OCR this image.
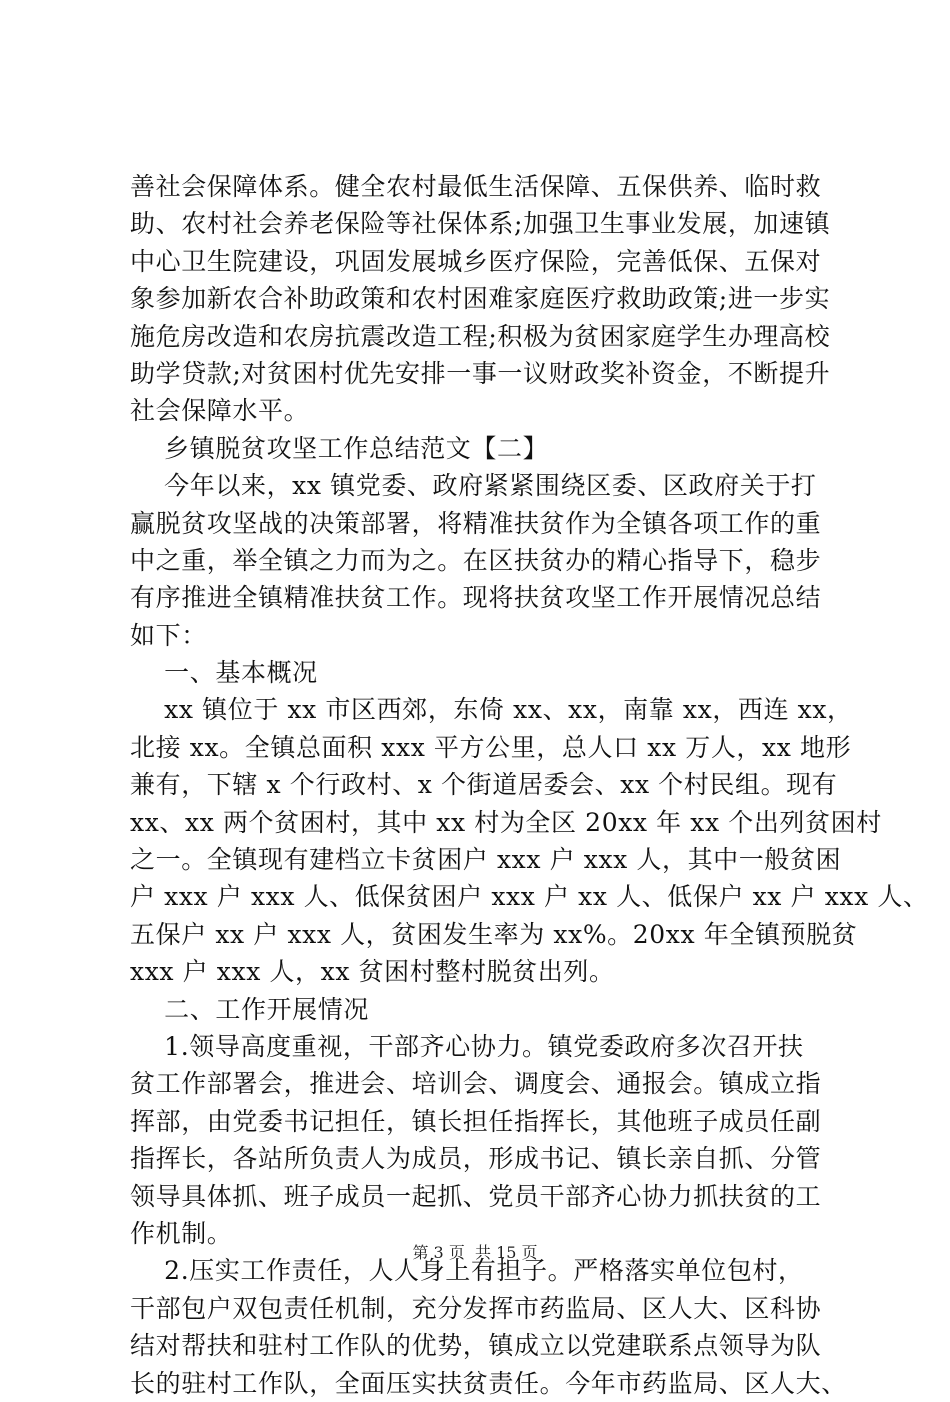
善社会保障体系。健全农村最低生活保障、五保供养、临时救
助、农村社会养老保险等社保体系;加强卫生事业发展，加速镇
中心卫生院建设，巩固发展城乡医疗保险，完善低保、五保对
象参加新农合补助政策和农村困难家庭医疗救助政策;进一步实
施危房改造和农房抗震改造工程;积极为贫困家庭学生办理高校
助学贷款;对贫困村优先安排一事一议财政奖补资金，不断提升
社会保障水平。
乡镇脱贫攻坚工作总结范文【二】
今年以来，xx 镇党委、政府紧紧围绕区委、区政府关于打
赢脱贫攻坚战的决策部署，将精准扶贫作为全镇各项工作的重
中之重，举全镇之力而为之。在区扶贫办的精心指导下，稳步
有序推进全镇精准扶贫工作。现将扶贫攻坚工作开展情况总结
如下：
一、基本概况
xx 镇位于 xx 市区西郊，东倚 xx、xx，南靠 xx，西连 xx，
北接 xx。全镇总面积 xxx 平方公里，总人口 xx 万人，xx 地形
兼有，下辖 x 个行政村、x 个街道居委会、xx 个村民组。现有
xx、xx 两个贫困村，其中 xx 村为全区 20xx 年 xx 个出列贫困村
之一。全镇现有建档立卡贫困户 xxx 户 xxx 人，其中一般贫困
户 xxx 户 xxx 人、低保贫困户 xxx 户 xx 人、低保户 xx 户 xxx 人、
五保户 xx 户 xxx 人，贫困发生率为 xx%。20xx 年全镇预脱贫
xxx 户 xxx 人，xx 贫困村整村脱贫出列。
二、工作开展情况
1.领导高度重视，干部齐心协力。镇党委政府多次召开扶
贫工作部署会，推进会、培训会、调度会、通报会。镇成立指
挥部，由党委书记担任，镇长担任指挥长，其他班子成员任副
指挥长，各站所负责人为成员，形成书记、镇长亲自抓、分管
领导具体抓、班子成员一起抓、党员干部齐心协力抓扶贫的工
作机制。
2.压实工作责任，人人身上有担子。严格落实单位包村，
干部包户双包责任机制，充分发挥市药监局、区人大、区科协
结对帮扶和驻村工作队的优势，镇成立以党建联系点领导为队
长的驻村工作队，全面压实扶贫责任。今年市药监局、区人大、
第 3 页  共 15 页
